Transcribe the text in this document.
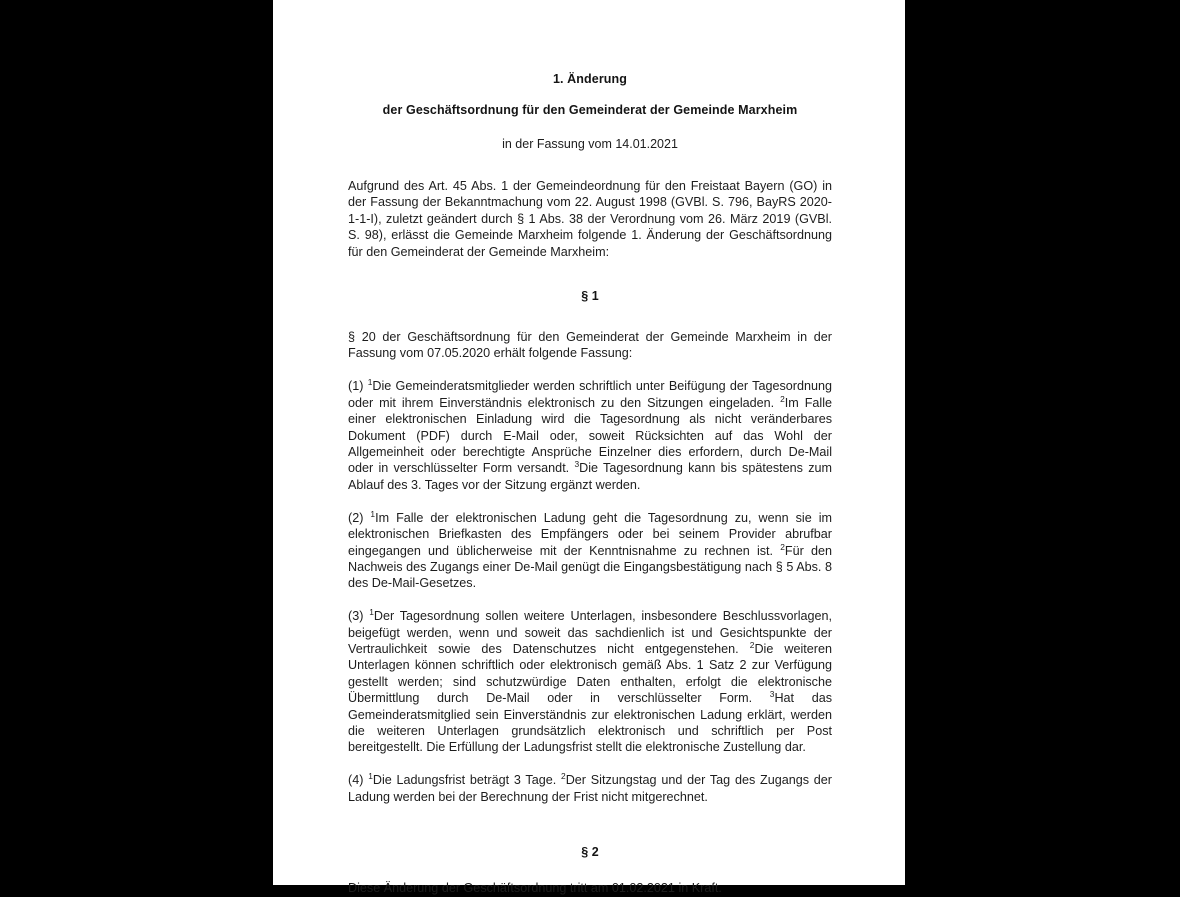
1. Änderung

der Geschäftsordnung für den Gemeinderat der Gemeinde Marxheim

in der Fassung vom 14.01.2021

Aufgrund des Art. 45 Abs. 1 der Gemeindeordnung für den Freistaat Bayern (GO) in der Fassung der Bekanntmachung vom 22. August 1998 (GVBl. S. 796, BayRS 2020-1-1-I), zuletzt geändert durch § 1 Abs. 38 der Verordnung vom 26. März 2019 (GVBl. S. 98), erlässt die Gemeinde Marxheim folgende 1. Änderung der Geschäftsordnung für den Gemeinderat der Gemeinde Marxheim:

§ 1

§ 20 der Geschäftsordnung für den Gemeinderat der Gemeinde Marxheim in der Fassung vom 07.05.2020 erhält folgende Fassung:

(1) $^1$Die Gemeinderatsmitglieder werden schriftlich unter Beifügung der Tagesordnung oder mit ihrem Einverständnis elektronisch zu den Sitzungen eingeladen. $^2$Im Falle einer elektronischen Einladung wird die Tagesordnung als nicht veränderbares Dokument (PDF) durch E-Mail oder, soweit Rücksichten auf das Wohl der Allgemeinheit oder berechtigte Ansprüche Einzelner dies erfordern, durch De-Mail oder in verschlüsselter Form versandt. $^3$Die Tagesordnung kann bis spätestens zum Ablauf des 3. Tages vor der Sitzung ergänzt werden.

(2) $^1$Im Falle der elektronischen Ladung geht die Tagesordnung zu, wenn sie im elektronischen Briefkasten des Empfängers oder bei seinem Provider abrufbar eingegangen und üblicherweise mit der Kenntnisnahme zu rechnen ist. $^2$Für den Nachweis des Zugangs einer De-Mail genügt die Eingangsbestätigung nach § 5 Abs. 8 des De-Mail-Gesetzes.

(3) $^1$Der Tagesordnung sollen weitere Unterlagen, insbesondere Beschlussvorlagen, beigefügt werden, wenn und soweit das sachdienlich ist und Gesichtspunkte der Vertraulichkeit sowie des Datenschutzes nicht entgegenstehen. $^2$Die weiteren Unterlagen können schriftlich oder elektronisch gemäß Abs. 1 Satz 2 zur Verfügung gestellt werden; sind schutzwürdige Daten enthalten, erfolgt die elektronische Übermittlung durch De-Mail oder in verschlüsselter Form. $^3$Hat das Gemeinderatsmitglied sein Einverständnis zur elektronischen Ladung erklärt, werden die weiteren Unterlagen grundsätzlich elektronisch und schriftlich per Post bereitgestellt. Die Erfüllung der Ladungsfrist stellt die elektronische Zustellung dar.

(4) $^1$Die Ladungsfrist beträgt 3 Tage. $^2$Der Sitzungstag und der Tag des Zugangs der Ladung werden bei der Berechnung der Frist nicht mitgerechnet.

§ 2

Diese Änderung der Geschäftsordnung tritt am 01.02.2021 in Kraft.
